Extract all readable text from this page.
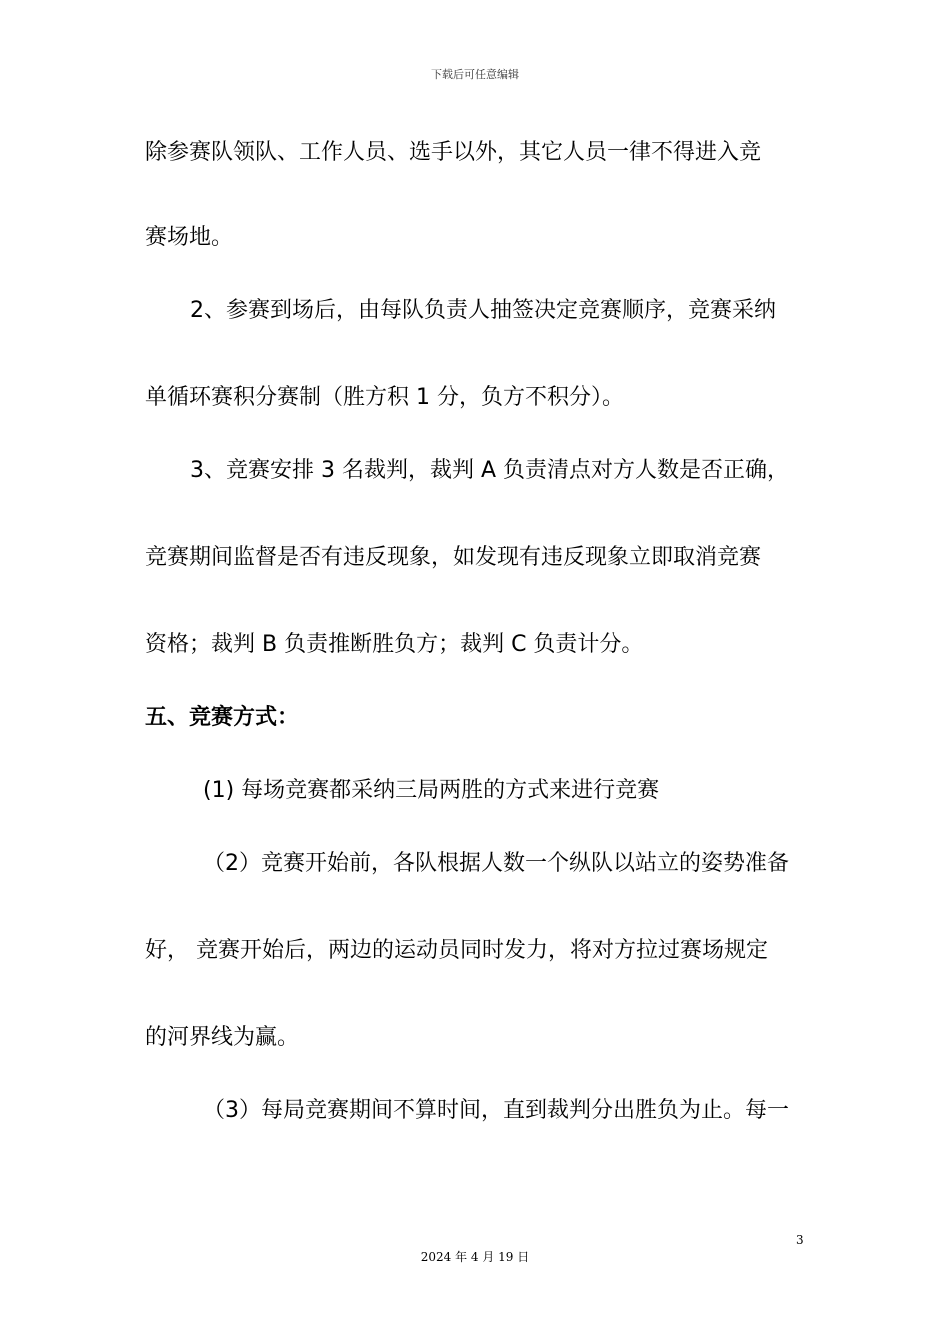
下载后可任意编辑
除参赛队领队、工作人员、选手以外，其它人员一律不得进入竞
赛场地。
2、参赛到场后，由每队负责人抽签决定竞赛顺序，竞赛采纳
单循环赛积分赛制（胜方积 1 分，负方不积分）。
3、竞赛安排 3 名裁判，裁判 A 负责清点对方人数是否正确，
竞赛期间监督是否有违反现象，如发现有违反现象立即取消竞赛
资格；裁判 B 负责推断胜负方；裁判 C 负责计分。
五、竞赛方式：
(1) 每场竞赛都采纳三局两胜的方式来进行竞赛
（2）竞赛开始前，各队根据人数一个纵队以站立的姿势准备
好， 竞赛开始后，两边的运动员同时发力，将对方拉过赛场规定
的河界线为赢。
（3）每局竞赛期间不算时间，直到裁判分出胜负为止。每一
3
2024 年 4 月 19 日
